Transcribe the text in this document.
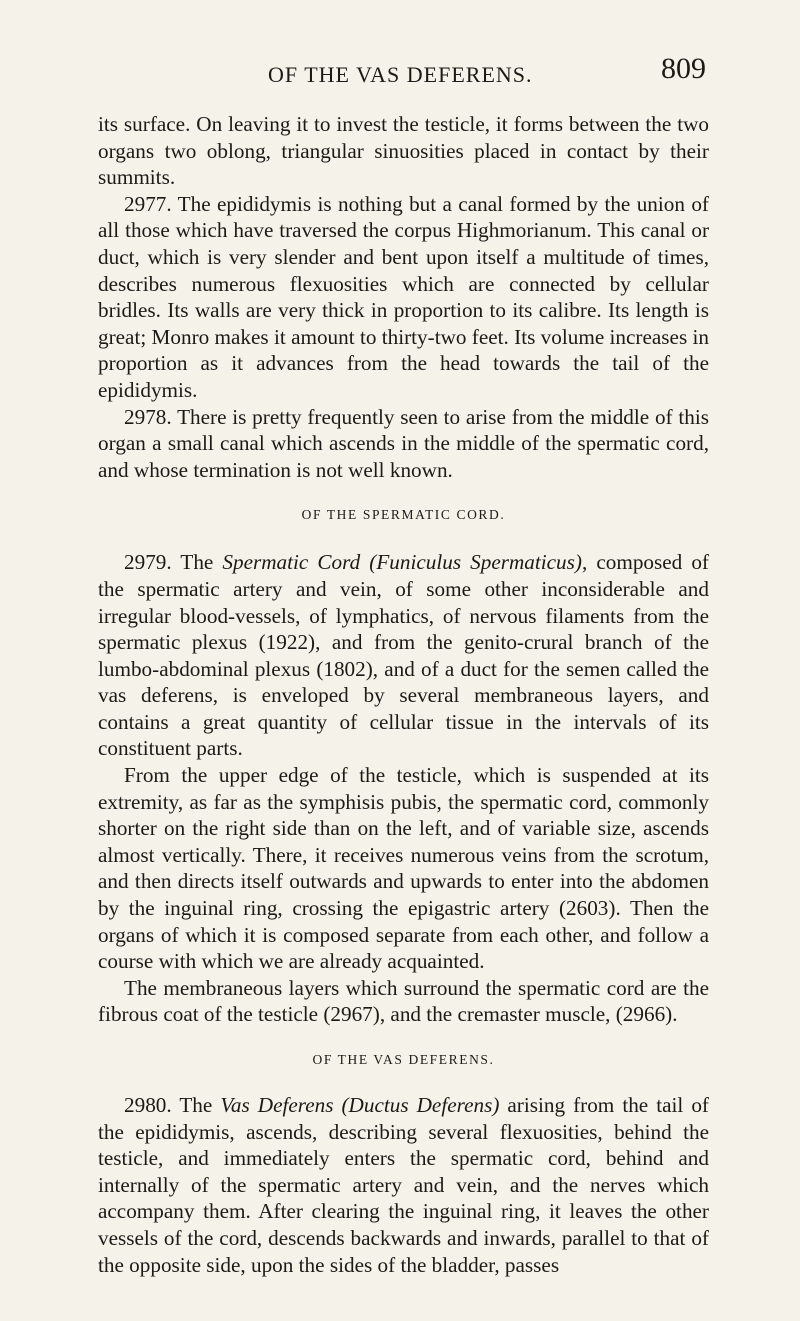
OF THE VAS DEFERENS.	809

its surface. On leaving it to invest the testicle, it forms between the two organs two oblong, triangular sinuosities placed in contact by their summits.

2977. The epididymis is nothing but a canal formed by the union of all those which have traversed the corpus Highmorianum. This canal or duct, which is very slender and bent upon itself a multitude of times, describes numerous flexuosities which are connected by cellular bridles. Its walls are very thick in proportion to its calibre. Its length is great; Monro makes it amount to thirty-two feet. Its volume increases in proportion as it advances from the head towards the tail of the epididymis.

2978. There is pretty frequently seen to arise from the middle of this organ a small canal which ascends in the middle of the spermatic cord, and whose termination is not well known.

OF THE SPERMATIC CORD.

2979. The Spermatic Cord (Funiculus Spermaticus), composed of the spermatic artery and vein, of some other inconsiderable and irregular blood-vessels, of lymphatics, of nervous filaments from the spermatic plexus (1922), and from the genito-crural branch of the lumbo-abdominal plexus (1802), and of a duct for the semen called the vas deferens, is enveloped by several membraneous layers, and contains a great quantity of cellular tissue in the intervals of its constituent parts.

From the upper edge of the testicle, which is suspended at its extremity, as far as the symphisis pubis, the spermatic cord, commonly shorter on the right side than on the left, and of variable size, ascends almost vertically. There, it receives numerous veins from the scrotum, and then directs itself outwards and upwards to enter into the abdomen by the inguinal ring, crossing the epigastric artery (2603). Then the organs of which it is composed separate from each other, and follow a course with which we are already acquainted.

The membraneous layers which surround the spermatic cord are the fibrous coat of the testicle (2967), and the cremaster muscle, (2966).

OF THE VAS DEFERENS.

2980. The Vas Deferens (Ductus Deferens) arising from the tail of the epididymis, ascends, describing several flexuosities, behind the testicle, and immediately enters the spermatic cord, behind and internally of the spermatic artery and vein, and the nerves which accompany them. After clearing the inguinal ring, it leaves the other vessels of the cord, descends backwards and inwards, parallel to that of the opposite side, upon the sides of the bladder, passes
